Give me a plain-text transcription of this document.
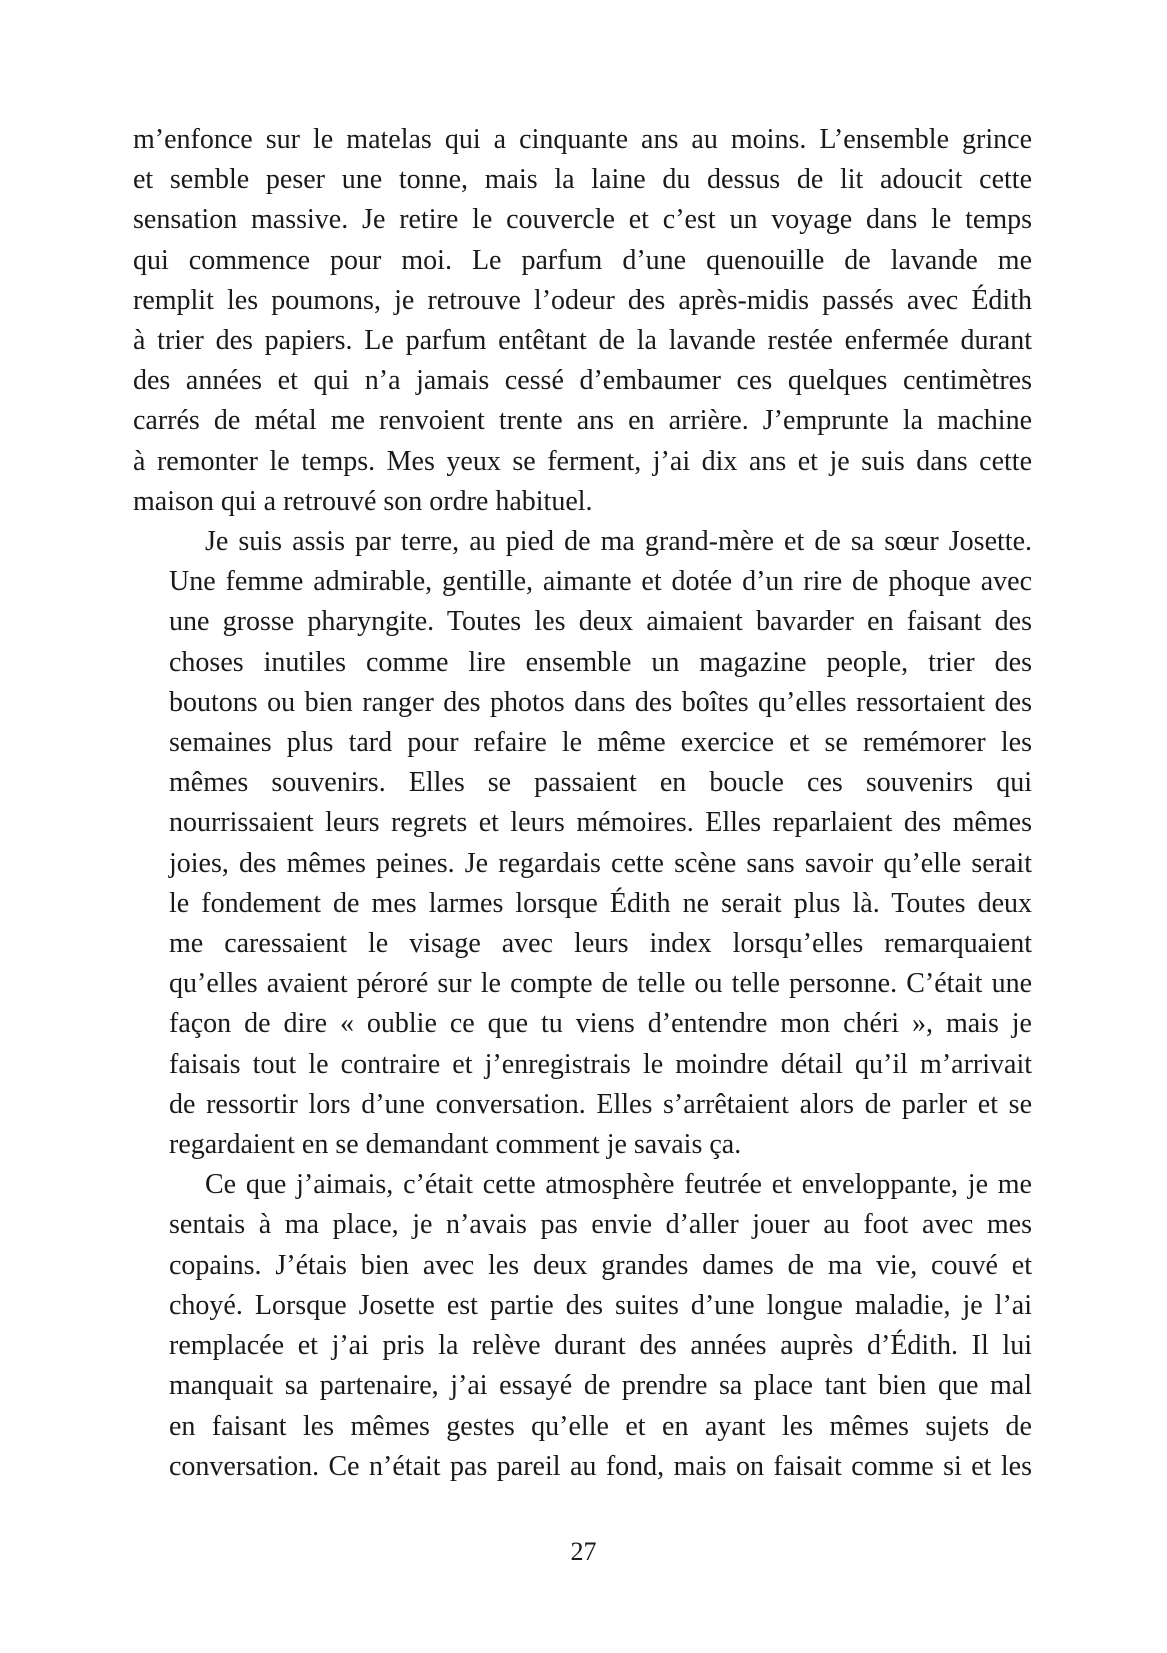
m’enfonce sur le matelas qui a cinquante ans au moins. L’ensemble grince
et semble peser une tonne, mais la laine du dessus de lit adoucit cette
sensation massive. Je retire le couvercle et c’est un voyage dans le temps
qui commence pour moi. Le parfum d’une quenouille de lavande me
remplit les poumons, je retrouve l’odeur des après-midis passés avec Édith
à trier des papiers. Le parfum entêtant de la lavande restée enfermée durant
des années et qui n’a jamais cessé d’embaumer ces quelques centimètres
carrés de métal me renvoient trente ans en arrière. J’emprunte la machine
à remonter le temps. Mes yeux se ferment, j’ai dix ans et je suis dans cette
maison qui a retrouvé son ordre habituel.
Je suis assis par terre, au pied de ma grand-mère et de sa sœur Josette.
Une femme admirable, gentille, aimante et dotée d’un rire de phoque avec
une grosse pharyngite. Toutes les deux aimaient bavarder en faisant des
choses inutiles comme lire ensemble un magazine people, trier des
boutons ou bien ranger des photos dans des boîtes qu’elles ressortaient des
semaines plus tard pour refaire le même exercice et se remémorer les
mêmes souvenirs. Elles se passaient en boucle ces souvenirs qui
nourrissaient leurs regrets et leurs mémoires. Elles reparlaient des mêmes
joies, des mêmes peines. Je regardais cette scène sans savoir qu’elle serait
le fondement de mes larmes lorsque Édith ne serait plus là. Toutes deux
me caressaient le visage avec leurs index lorsqu’elles remarquaient
qu’elles avaient pérоré sur le compte de telle ou telle personne. C’était une
façon de dire « oublie ce que tu viens d’entendre mon chéri », mais je
faisais tout le contraire et j’enregistrais le moindre détail qu’il m’arrivait
de ressortir lors d’une conversation. Elles s’arrêtaient alors de parler et se
regardaient en se demandant comment je savais ça.
Ce que j’aimais, c’était cette atmosphère feutrée et enveloppante, je me
sentais à ma place, je n’avais pas envie d’aller jouer au foot avec mes
copains. J’étais bien avec les deux grandes dames de ma vie, couvé et
choyé. Lorsque Josette est partie des suites d’une longue maladie, je l’ai
remplacée et j’ai pris la relève durant des années auprès d’Édith. Il lui
manquait sa partenaire, j’ai essayé de prendre sa place tant bien que mal
en faisant les mêmes gestes qu’elle et en ayant les mêmes sujets de
conversation. Ce n’était pas pareil au fond, mais on faisait comme si et les
27
